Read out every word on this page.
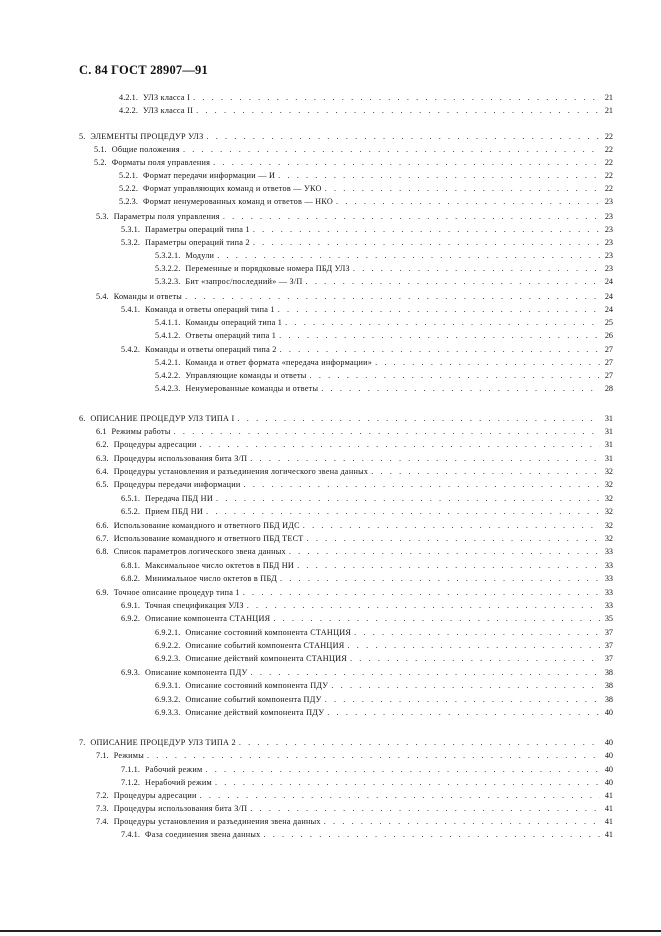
С. 84 ГОСТ 28907—91
4.2.1. УЛЗ класса I . . .	21
4.2.2. УЛЗ класса II . . .	21
5. ЭЛЕМЕНТЫ ПРОЦЕДУР УЛЗ . . .	22
5.1. Общие положения . . .	22
5.2. Форматы поля управления . . .	22
5.2.1. Формат передачи информации — И . . .	22
5.2.2. Формат управляющих команд и ответов — УКО . . .	22
5.2.3. Формат ненумерованных команд и ответов — НКО . . .	23
5.3. Параметры поля управления . . .	23
5.3.1. Параметры операций типа 1 . . .	23
5.3.2. Параметры операций типа 2 . . .	23
5.3.2.1. Модули . . .	23
5.3.2.2. Переменные и порядковые номера ПБД УЛЗ . . .	23
5.3.2.3. Бит «запрос/последний» — З/П . . .	24
5.4. Команды и ответы . . .	24
5.4.1. Команда и ответы операций типа 1 . . .	24
5.4.1.1. Команды операций типа 1 . . .	25
5.4.1.2. Ответы операций типа 1 . . .	26
5.4.2. Команды и ответы операций типа 2 . . .	27
5.4.2.1. Команда и ответ формата «передача информации» . . .	27
5.4.2.2. Управляющие команды и ответы . . .	27
5.4.2.3. Ненумерованные команды и ответы . . .	28
6. ОПИСАНИЕ ПРОЦЕДУР УЛЗ ТИПА I . . .	31
6.1 Режимы работы . . .	31
6.2. Процедуры адресации . . .	31
6.3. Процедуры использования бита З/П . . .	31
6.4. Процедуры установления и разъединения логического звена данных . . .	32
6.5. Процедуры передачи информации . . .	32
6.5.1. Передача ПБД НИ . . .	32
6.5.2. Прием ПБД НИ . . .	32
6.6. Использование командного и ответного ПБД ИДС . . .	32
6.7. Использование командного и ответного ПБД ТЕСТ . . .	32
6.8. Список параметров логического звена данных . . .	33
6.8.1. Максимальное число октетов в ПБД НИ . . .	33
6.8.2. Минимальное число октетов в ПБД . . .	33
6.9. Точное описание процедур типа 1 . . .	33
6.9.1. Точная спецификация УЛЗ . . .	33
6.9.2. Описание компонента СТАНЦИЯ . . .	35
6.9.2.1. Описание состояний компонента СТАНЦИЯ . . .	37
6.9.2.2. Описание событий компонента СТАНЦИЯ . . .	37
6.9.2.3. Описание действий компонента СТАНЦИЯ . . .	37
6.9.3. Описание компонента ПДУ . . .	38
6.9.3.1. Описание состояний компонента ПДУ . . .	38
6.9.3.2. Описание событий компонента ПДУ . . .	38
6.9.3.3. Описание действий компонента ПДУ . . .	40
7. ОПИСАНИЕ ПРОЦЕДУР УЛЗ ТИПА 2 . . .	40
7.1. Режимы . . .	40
7.1.1. Рабочий режим . . .	40
7.1.2. Нерабочий режим . . .	40
7.2. Процедуры адресации . . .	41
7.3. Процедуры использования бита З/П . . .	41
7.4. Процедуры установления и разъединения звена данных . . .	41
7.4.1. Фаза соединения звена данных . . .	41
